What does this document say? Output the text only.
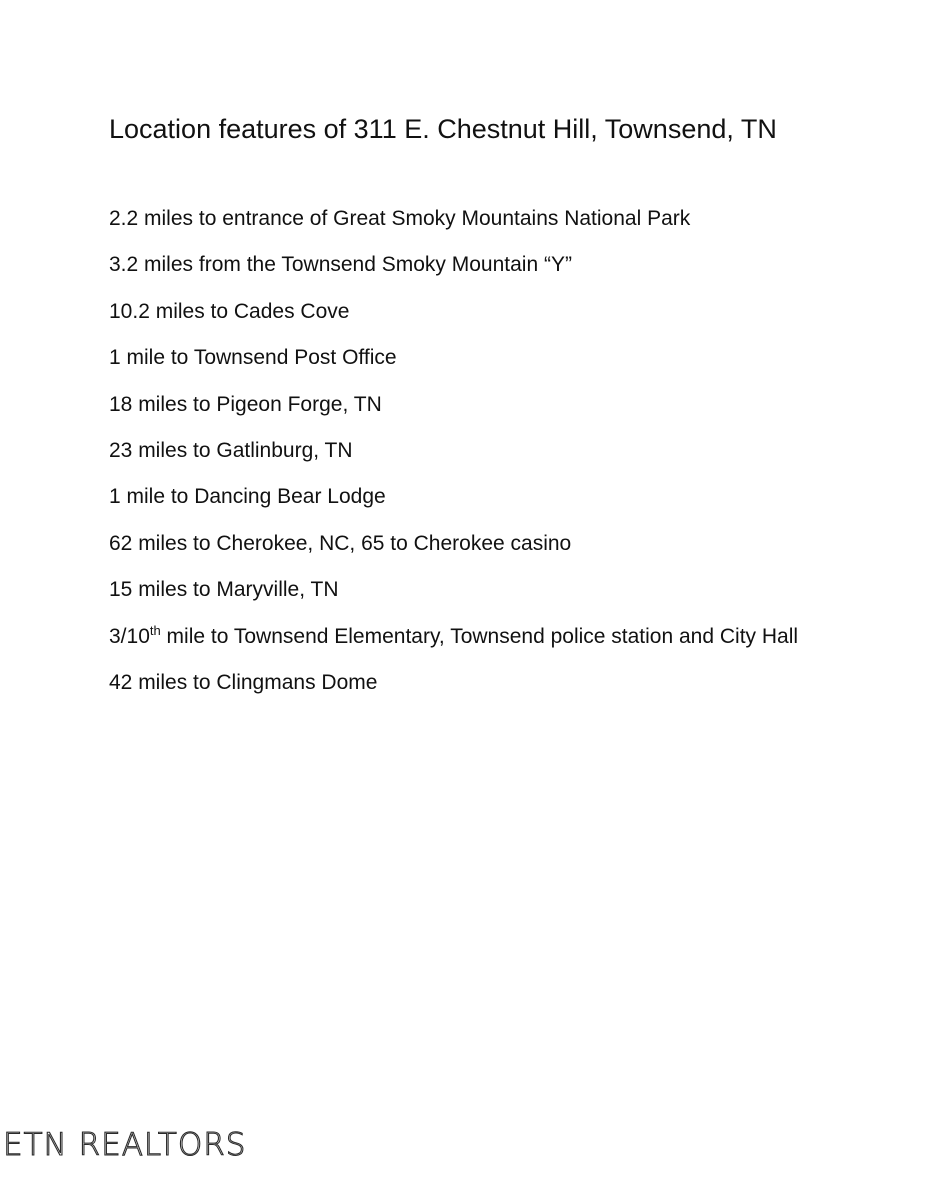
Location features of 311 E. Chestnut Hill, Townsend, TN
2.2 miles to entrance of Great Smoky Mountains National Park
3.2 miles from the Townsend Smoky Mountain “Y”
10.2 miles to Cades Cove
1 mile to Townsend Post Office
18 miles to Pigeon Forge, TN
23 miles to Gatlinburg, TN
1 mile to Dancing Bear Lodge
62 miles to Cherokee, NC, 65 to Cherokee casino
15 miles to Maryville, TN
3/10th mile to Townsend Elementary, Townsend police station and City Hall
42 miles to Clingmans Dome
ETN REALTORS
